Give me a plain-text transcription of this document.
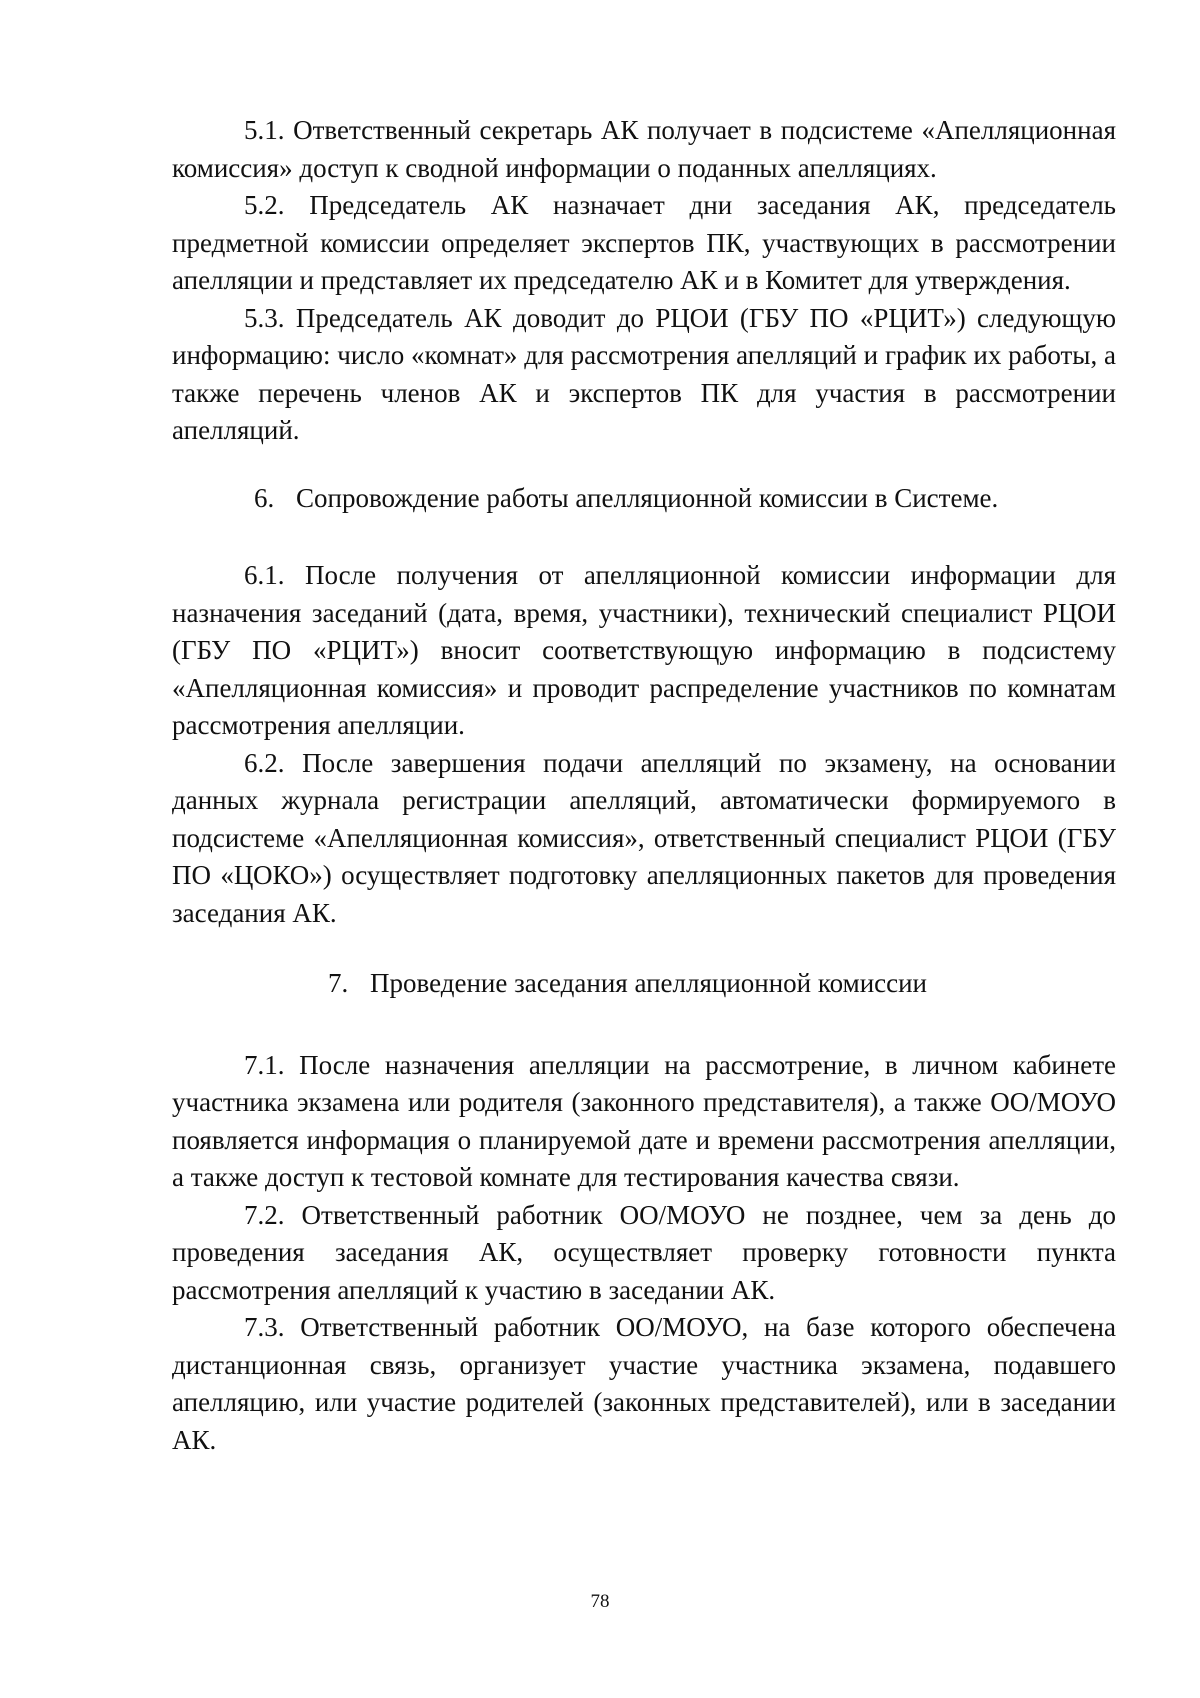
5.1. Ответственный секретарь АК получает в подсистеме «Апелляционная комиссия» доступ к сводной информации о поданных апелляциях.

5.2. Председатель АК назначает дни заседания АК, председатель предметной комиссии определяет экспертов ПК, участвующих в рассмотрении апелляции и представляет их председателю АК и в Комитет для утверждения.

5.3. Председатель АК доводит до РЦОИ (ГБУ ПО «РЦИТ») следующую информацию: число «комнат» для рассмотрения апелляций и график их работы, а также перечень членов АК и экспертов ПК для участия в рассмотрении апелляций.

6. Сопровождение работы апелляционной комиссии в Системе.

6.1. После получения от апелляционной комиссии информации для назначения заседаний (дата, время, участники), технический специалист РЦОИ (ГБУ ПО «РЦИТ») вносит соответствующую информацию в подсистему «Апелляционная комиссия» и проводит распределение участников по комнатам рассмотрения апелляции.

6.2. После завершения подачи апелляций по экзамену, на основании данных журнала регистрации апелляций, автоматически формируемого в подсистеме «Апелляционная комиссия», ответственный специалист РЦОИ (ГБУ ПО «ЦОКО») осуществляет подготовку апелляционных пакетов для проведения заседания АК.

7. Проведение заседания апелляционной комиссии

7.1. После назначения апелляции на рассмотрение, в личном кабинете участника экзамена или родителя (законного представителя), а также ОО/МОУО появляется информация о планируемой дате и времени рассмотрения апелляции, а также доступ к тестовой комнате для тестирования качества связи.

7.2. Ответственный работник ОО/МОУО не позднее, чем за день до проведения заседания АК, осуществляет проверку готовности пункта рассмотрения апелляций к участию в заседании АК.

7.3. Ответственный работник ОО/МОУО, на базе которого обеспечена дистанционная связь, организует участие участника экзамена, подавшего апелляцию, или участие родителей (законных представителей), или в заседании АК.

78
